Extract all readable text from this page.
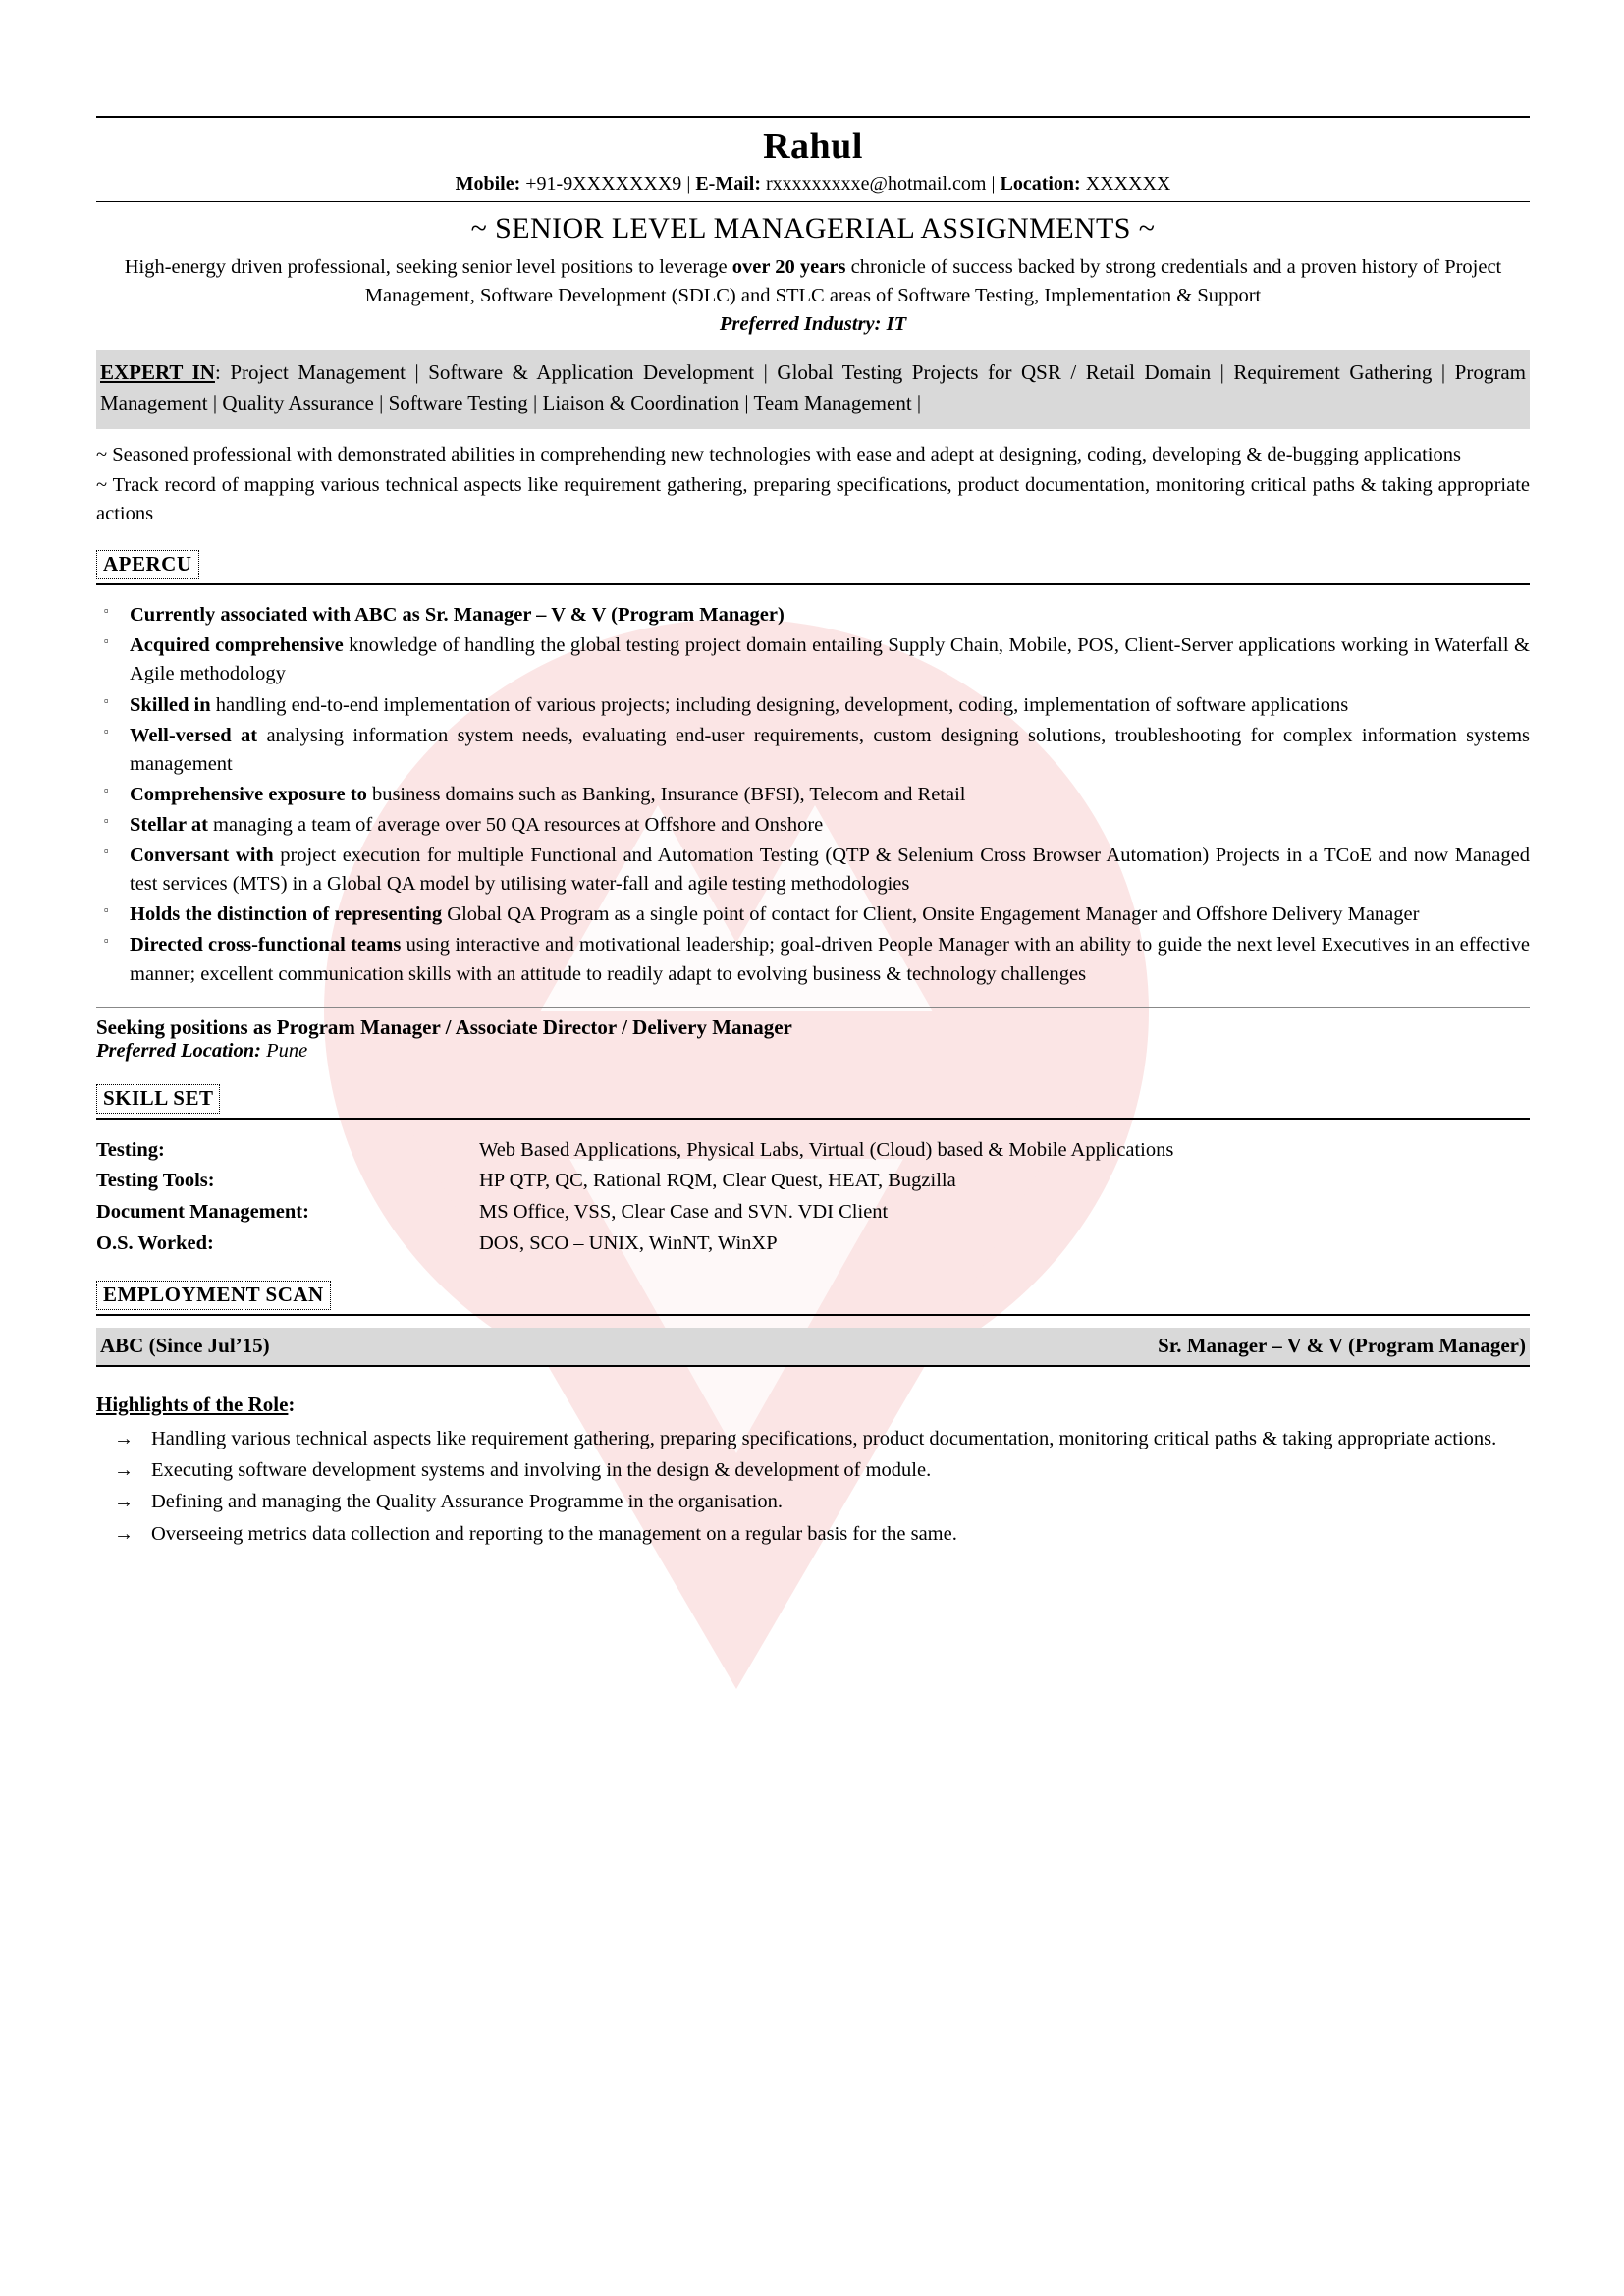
Rahul
Mobile: +91-9XXXXXXX9 | E-Mail: rxxxxxxxxxe@hotmail.com | Location: XXXXXX
~ SENIOR LEVEL MANAGERIAL ASSIGNMENTS ~
High-energy driven professional, seeking senior level positions to leverage over 20 years chronicle of success backed by strong credentials and a proven history of Project Management, Software Development (SDLC) and STLC areas of Software Testing, Implementation & Support
Preferred Industry: IT
EXPERT IN: Project Management | Software & Application Development | Global Testing Projects for QSR / Retail Domain | Requirement Gathering | Program Management | Quality Assurance | Software Testing | Liaison & Coordination | Team Management |
~ Seasoned professional with demonstrated abilities in comprehending new technologies with ease and adept at designing, coding, developing & de-bugging applications
~ Track record of mapping various technical aspects like requirement gathering, preparing specifications, product documentation, monitoring critical paths & taking appropriate actions
APERCU
▫ Currently associated with ABC as Sr. Manager – V & V (Program Manager)
▫ Acquired comprehensive knowledge of handling the global testing project domain entailing Supply Chain, Mobile, POS, Client-Server applications working in Waterfall & Agile methodology
▫ Skilled in handling end-to-end implementation of various projects; including designing, development, coding, implementation of software applications
▫ Well-versed at analysing information system needs, evaluating end-user requirements, custom designing solutions, troubleshooting for complex information systems management
▫ Comprehensive exposure to business domains such as Banking, Insurance (BFSI), Telecom and Retail
▫ Stellar at managing a team of average over 50 QA resources at Offshore and Onshore
▫ Conversant with project execution for multiple Functional and Automation Testing (QTP & Selenium Cross Browser Automation) Projects in a TCoE and now Managed test services (MTS) in a Global QA model by utilising water-fall and agile testing methodologies
▫ Holds the distinction of representing Global QA Program as a single point of contact for Client, Onsite Engagement Manager and Offshore Delivery Manager
▫ Directed cross-functional teams using interactive and motivational leadership; goal-driven People Manager with an ability to guide the next level Executives in an effective manner; excellent communication skills with an attitude to readily adapt to evolving business & technology challenges
Seeking positions as Program Manager / Associate Director / Delivery Manager
Preferred Location: Pune
SKILL SET
Testing:	Web Based Applications, Physical Labs, Virtual (Cloud) based & Mobile Applications
Testing Tools:	HP QTP, QC, Rational RQM, Clear Quest, HEAT, Bugzilla
Document Management:	MS Office, VSS, Clear Case and SVN. VDI Client
O.S. Worked:	DOS, SCO – UNIX, WinNT, WinXP
EMPLOYMENT SCAN
ABC (Since Jul’15)	Sr. Manager – V & V (Program Manager)
Highlights of the Role:
→ Handling various technical aspects like requirement gathering, preparing specifications, product documentation, monitoring critical paths & taking appropriate actions.
→ Executing software development systems and involving in the design & development of module.
→ Defining and managing the Quality Assurance Programme in the organisation.
→ Overseeing metrics data collection and reporting to the management on a regular basis for the same.
